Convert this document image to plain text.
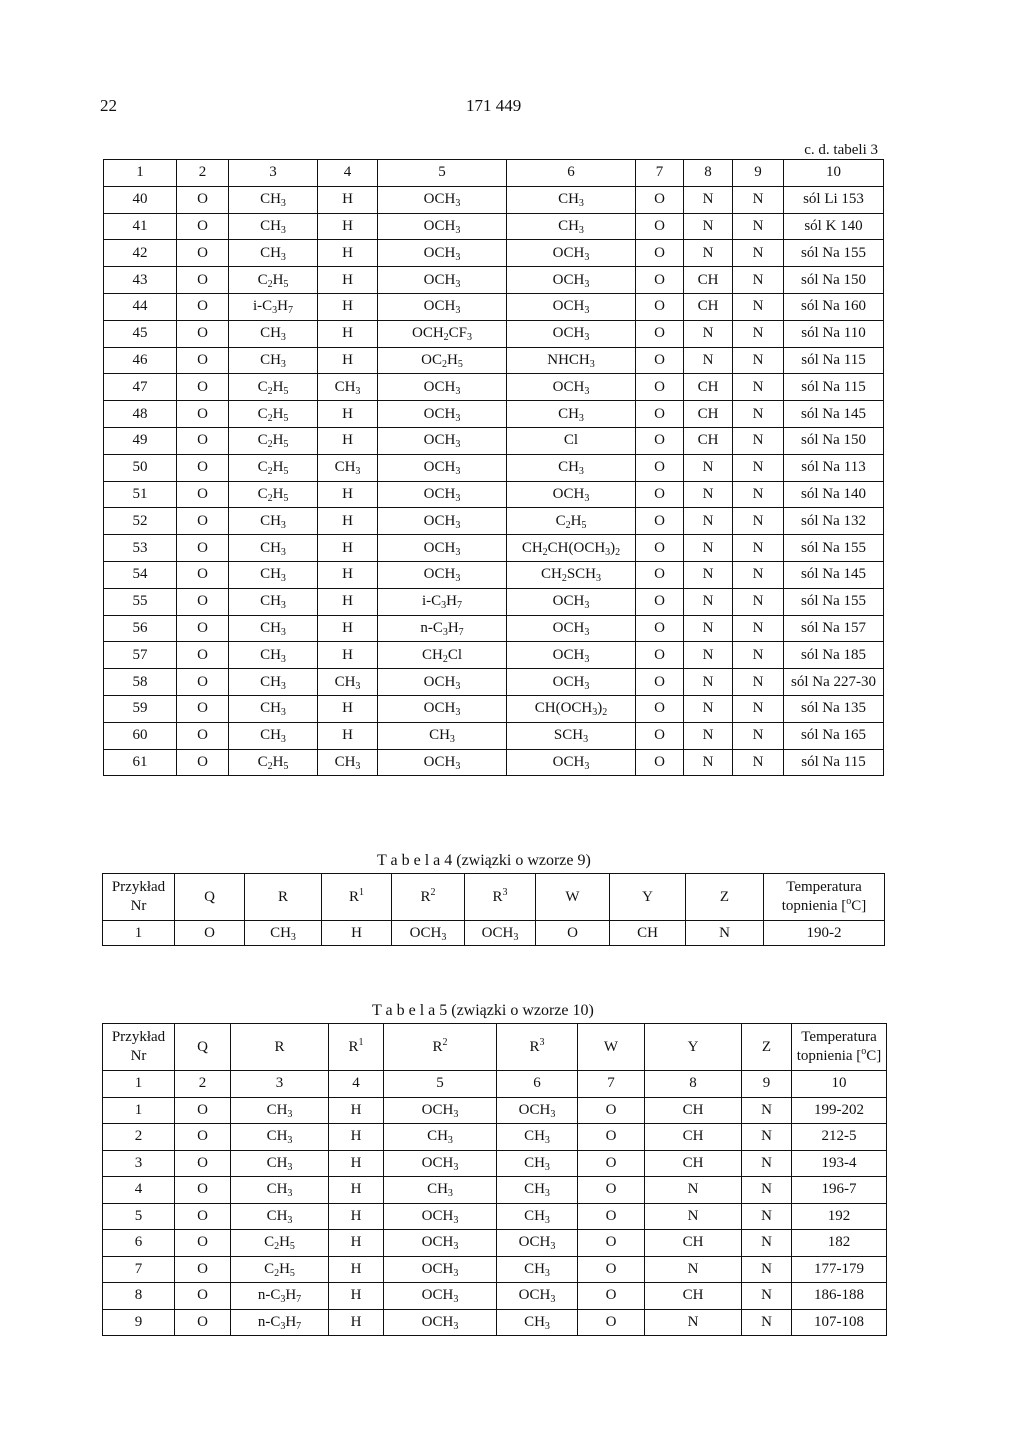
22	171 449
c. d. tabeli 3
1	2	3	4	5	6	7	8	9	10
40	O	$CH_3$	H	$OCH_3$	$CH_3$	O	N	N	sól Li 153
41	O	$CH_3$	H	$OCH_3$	$CH_3$	O	N	N	sól K 140
42	O	$CH_3$	H	$OCH_3$	$OCH_3$	O	N	N	sól Na 155
43	O	$C_2H_5$	H	$OCH_3$	$OCH_3$	O	CH	N	sól Na 150
44	O	$i-C_3H_7$	H	$OCH_3$	$OCH_3$	O	CH	N	sól Na 160
45	O	$CH_3$	H	$OCH_2CF_3$	$OCH_3$	O	N	N	sól Na 110
46	O	$CH_3$	H	$OC_2H_5$	$NHCH_3$	O	N	N	sól Na 115
47	O	$C_2H_5$	$CH_3$	$OCH_3$	$OCH_3$	O	CH	N	sól Na 115
48	O	$C_2H_5$	H	$OCH_3$	$CH_3$	O	CH	N	sól Na 145
49	O	$C_2H_5$	H	$OCH_3$	Cl	O	CH	N	sól Na 150
50	O	$C_2H_5$	$CH_3$	$OCH_3$	$CH_3$	O	N	N	sól Na 113
51	O	$C_2H_5$	H	$OCH_3$	$OCH_3$	O	N	N	sól Na 140
52	O	$CH_3$	H	$OCH_3$	$C_2H_5$	O	N	N	sól Na 132
53	O	$CH_3$	H	$OCH_3$	$CH_2CH(OCH_3)_2$	O	N	N	sól Na 155
54	O	$CH_3$	H	$OCH_3$	$CH_2SCH_3$	O	N	N	sól Na 145
55	O	$CH_3$	H	$i-C_3H_7$	$OCH_3$	O	N	N	sól Na 155
56	O	$CH_3$	H	$n-C_3H_7$	$OCH_3$	O	N	N	sól Na 157
57	O	$CH_3$	H	$CH_2Cl$	$OCH_3$	O	N	N	sól Na 185
58	O	$CH_3$	$CH_3$	$OCH_3$	$OCH_3$	O	N	N	sól Na 227-30
59	O	$CH_3$	H	$OCH_3$	$CH(OCH_3)_2$	O	N	N	sól Na 135
60	O	$CH_3$	H	$CH_3$	$SCH_3$	O	N	N	sól Na 165
61	O	$C_2H_5$	$CH_3$	$OCH_3$	$OCH_3$	O	N	N	sól Na 115
T a b e l a 4 (związki o wzorze 9)
Przykład
Nr	Q	R	$R^1$	$R^2$	$R^3$	W	Y	Z	Temperatura
topnienia [$^o$C]
1	O	$CH_3$	H	$OCH_3$	$OCH_3$	O	CH	N	190-2
T a b e l a 5 (związki o wzorze 10)
Przykład
Nr	Q	R	$R^1$	$R^2$	$R^3$	W	Y	Z	Temperatura
topnienia [$^o$C]
1	2	3	4	5	6	7	8	9	10
1	O	$CH_3$	H	$OCH_3$	$OCH_3$	O	CH	N	199-202
2	O	$CH_3$	H	$CH_3$	$CH_3$	O	CH	N	212-5
3	O	$CH_3$	H	$OCH_3$	$CH_3$	O	CH	N	193-4
4	O	$CH_3$	H	$CH_3$	$CH_3$	O	N	N	196-7
5	O	$CH_3$	H	$OCH_3$	$CH_3$	O	N	N	192
6	O	$C_2H_5$	H	$OCH_3$	$OCH_3$	O	CH	N	182
7	O	$C_2H_5$	H	$OCH_3$	$CH_3$	O	N	N	177-179
8	O	$n-C_3H_7$	H	$OCH_3$	$OCH_3$	O	CH	N	186-188
9	O	$n-C_3H_7$	H	$OCH_3$	$CH_3$	O	N	N	107-108
